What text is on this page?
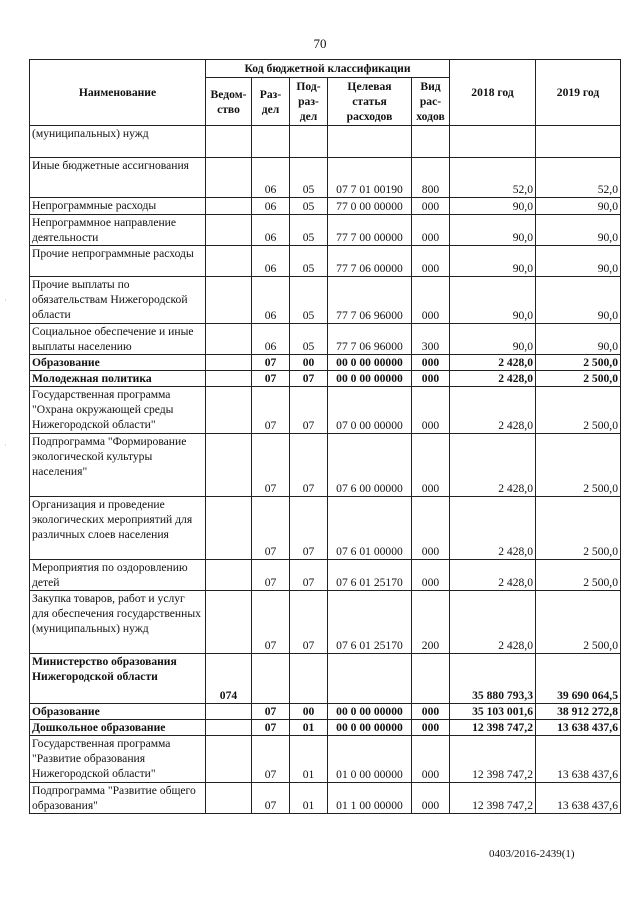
70
Наименование	Код бюджетной классификации					2018 год	2019 год
	Ведом-ство	Раз-дел	Под-раз-дел	Целевая статья расходов	Вид рас-ходов		
(муниципальных) нужд							
Иные бюджетные ассигнования		06	05	07 7 01 00190	800	52,0	52,0
Непрограммные расходы		06	05	77 0 00 00000	000	90,0	90,0
Непрограммное направление деятельности		06	05	77 7 00 00000	000	90,0	90,0
Прочие непрограммные расходы		06	05	77 7 06 00000	000	90,0	90,0
Прочие выплаты по обязательствам Нижегородской области		06	05	77 7 06 96000	000	90,0	90,0
Социальное обеспечение и иные выплаты населению		06	05	77 7 06 96000	300	90,0	90,0
Образование		07	00	00 0 00 00000	000	2 428,0	2 500,0
Молодежная политика		07	07	00 0 00 00000	000	2 428,0	2 500,0
Государственная программа "Охрана окружающей среды Нижегородской области"		07	07	07 0 00 00000	000	2 428,0	2 500,0
Подпрограмма "Формирование экологической культуры населения"		07	07	07 6 00 00000	000	2 428,0	2 500,0
Организация и проведение экологических мероприятий для различных слоев населения		07	07	07 6 01 00000	000	2 428,0	2 500,0
Мероприятия по оздоровлению детей		07	07	07 6 01 25170	000	2 428,0	2 500,0
Закупка товаров, работ и услуг для обеспечения государственных (муниципальных) нужд		07	07	07 6 01 25170	200	2 428,0	2 500,0
Министерство образования Нижегородской области	074					35 880 793,3	39 690 064,5
Образование		07	00	00 0 00 00000	000	35 103 001,6	38 912 272,8
Дошкольное образование		07	01	00 0 00 00000	000	12 398 747,2	13 638 437,6
Государственная программа "Развитие образования Нижегородской области"		07	01	01 0 00 00000	000	12 398 747,2	13 638 437,6
Подпрограмма "Развитие общего образования"		07	01	01 1 00 00000	000	12 398 747,2	13 638 437,6
0403/2016-2439(1)
·
·
